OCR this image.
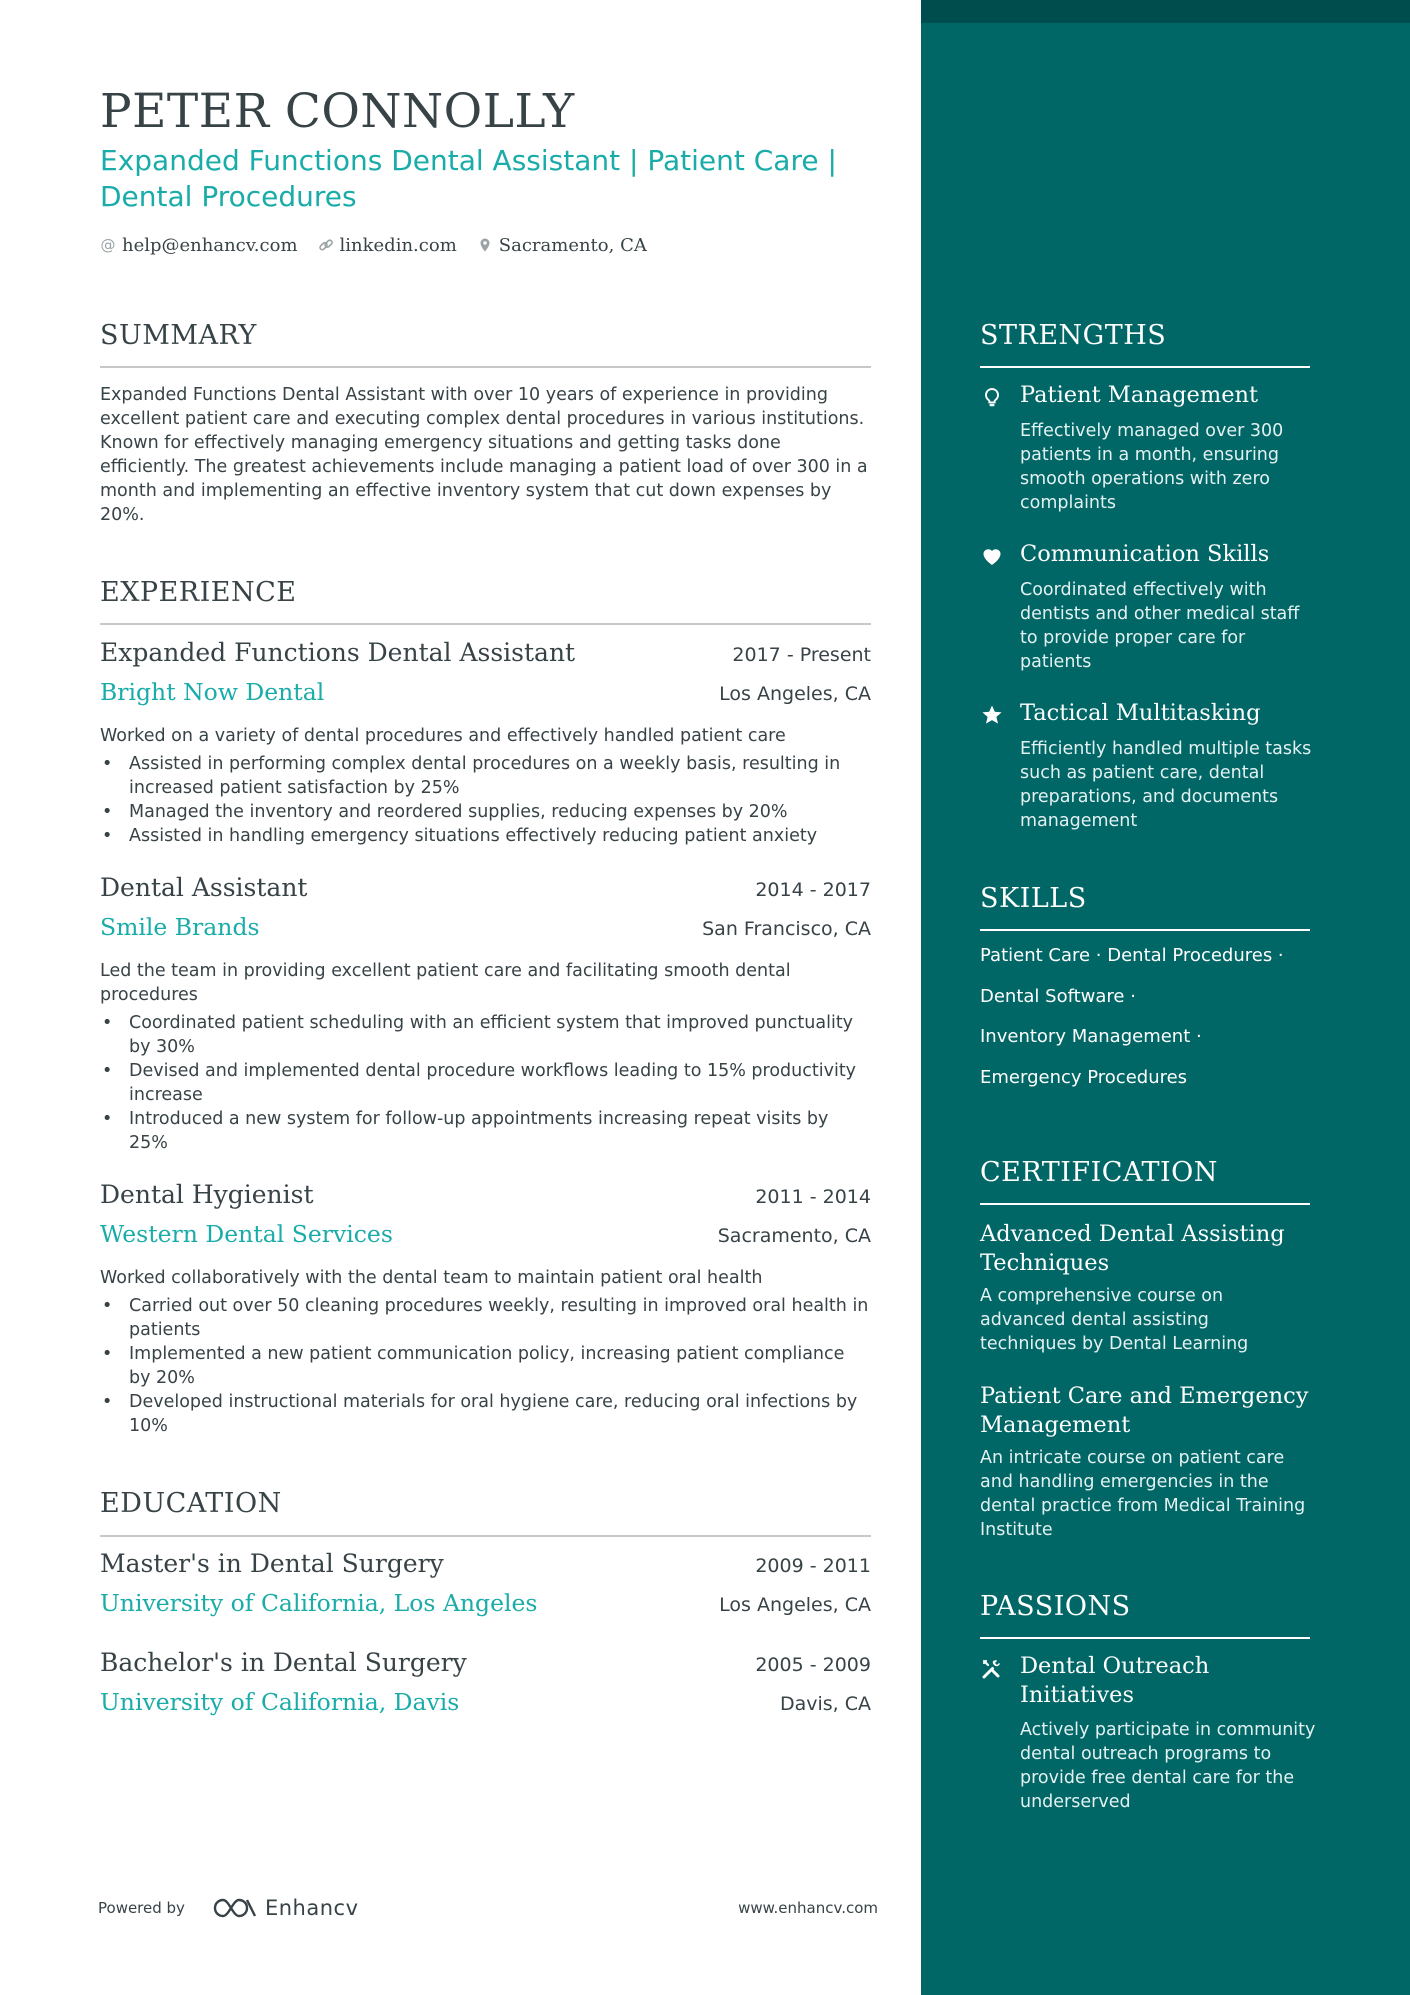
PETER CONNOLLY
Expanded Functions Dental Assistant | Patient Care | Dental Procedures
@ help@enhancv.com linkedin.com Sacramento, CA
SUMMARY

Expanded Functions Dental Assistant with over 10 years of experience in providing excellent patient care and executing complex dental procedures in various institutions. Known for effectively managing emergency situations and getting tasks done efficiently. The greatest achievements include managing a patient load of over 300 in a month and implementing an effective inventory system that cut down expenses by 20%.

EXPERIENCE
Expanded Functions Dental Assistant	2017 - Present
Bright Now Dental	Los Angeles, CA

Worked on a variety of dental procedures and effectively handled patient care

• Assisted in performing complex dental procedures on a weekly basis, resulting in increased patient satisfaction by 25%
• Managed the inventory and reordered supplies, reducing expenses by 20%
• Assisted in handling emergency situations effectively reducing patient anxiety
Dental Assistant	2014 - 2017
Smile Brands	San Francisco, CA

Led the team in providing excellent patient care and facilitating smooth dental procedures

• Coordinated patient scheduling with an efficient system that improved punctuality by 30%
• Devised and implemented dental procedure workflows leading to 15% productivity increase
• Introduced a new system for follow-up appointments increasing repeat visits by 25%
Dental Hygienist	2011 - 2014
Western Dental Services	Sacramento, CA

Worked collaboratively with the dental team to maintain patient oral health

• Carried out over 50 cleaning procedures weekly, resulting in improved oral health in patients
• Implemented a new patient communication policy, increasing patient compliance by 20%
• Developed instructional materials for oral hygiene care, reducing oral infections by 10%
EDUCATION
Master's in Dental Surgery	2009 - 2011
University of California, Los Angeles	Los Angeles, CA
Bachelor's in Dental Surgery	2005 - 2009
University of California, Davis	Davis, CA
Powered by	Enhancv	www.enhancv.com
STRENGTHS
Patient Management
Effectively managed over 300 patients in a month, ensuring smooth operations with zero complaints
Communication Skills
Coordinated effectively with dentists and other medical staff to provide proper care for patients
Tactical Multitasking
Efficiently handled multiple tasks such as patient care, dental preparations, and documents management
SKILLS
Patient Care · Dental Procedures ·
Dental Software ·
Inventory Management ·
Emergency Procedures
CERTIFICATION
Advanced Dental Assisting Techniques
A comprehensive course on advanced dental assisting techniques by Dental Learning
Patient Care and Emergency Management
An intricate course on patient care and handling emergencies in the dental practice from Medical Training Institute
PASSIONS
Dental Outreach Initiatives
Actively participate in community dental outreach programs to provide free dental care for the underserved
